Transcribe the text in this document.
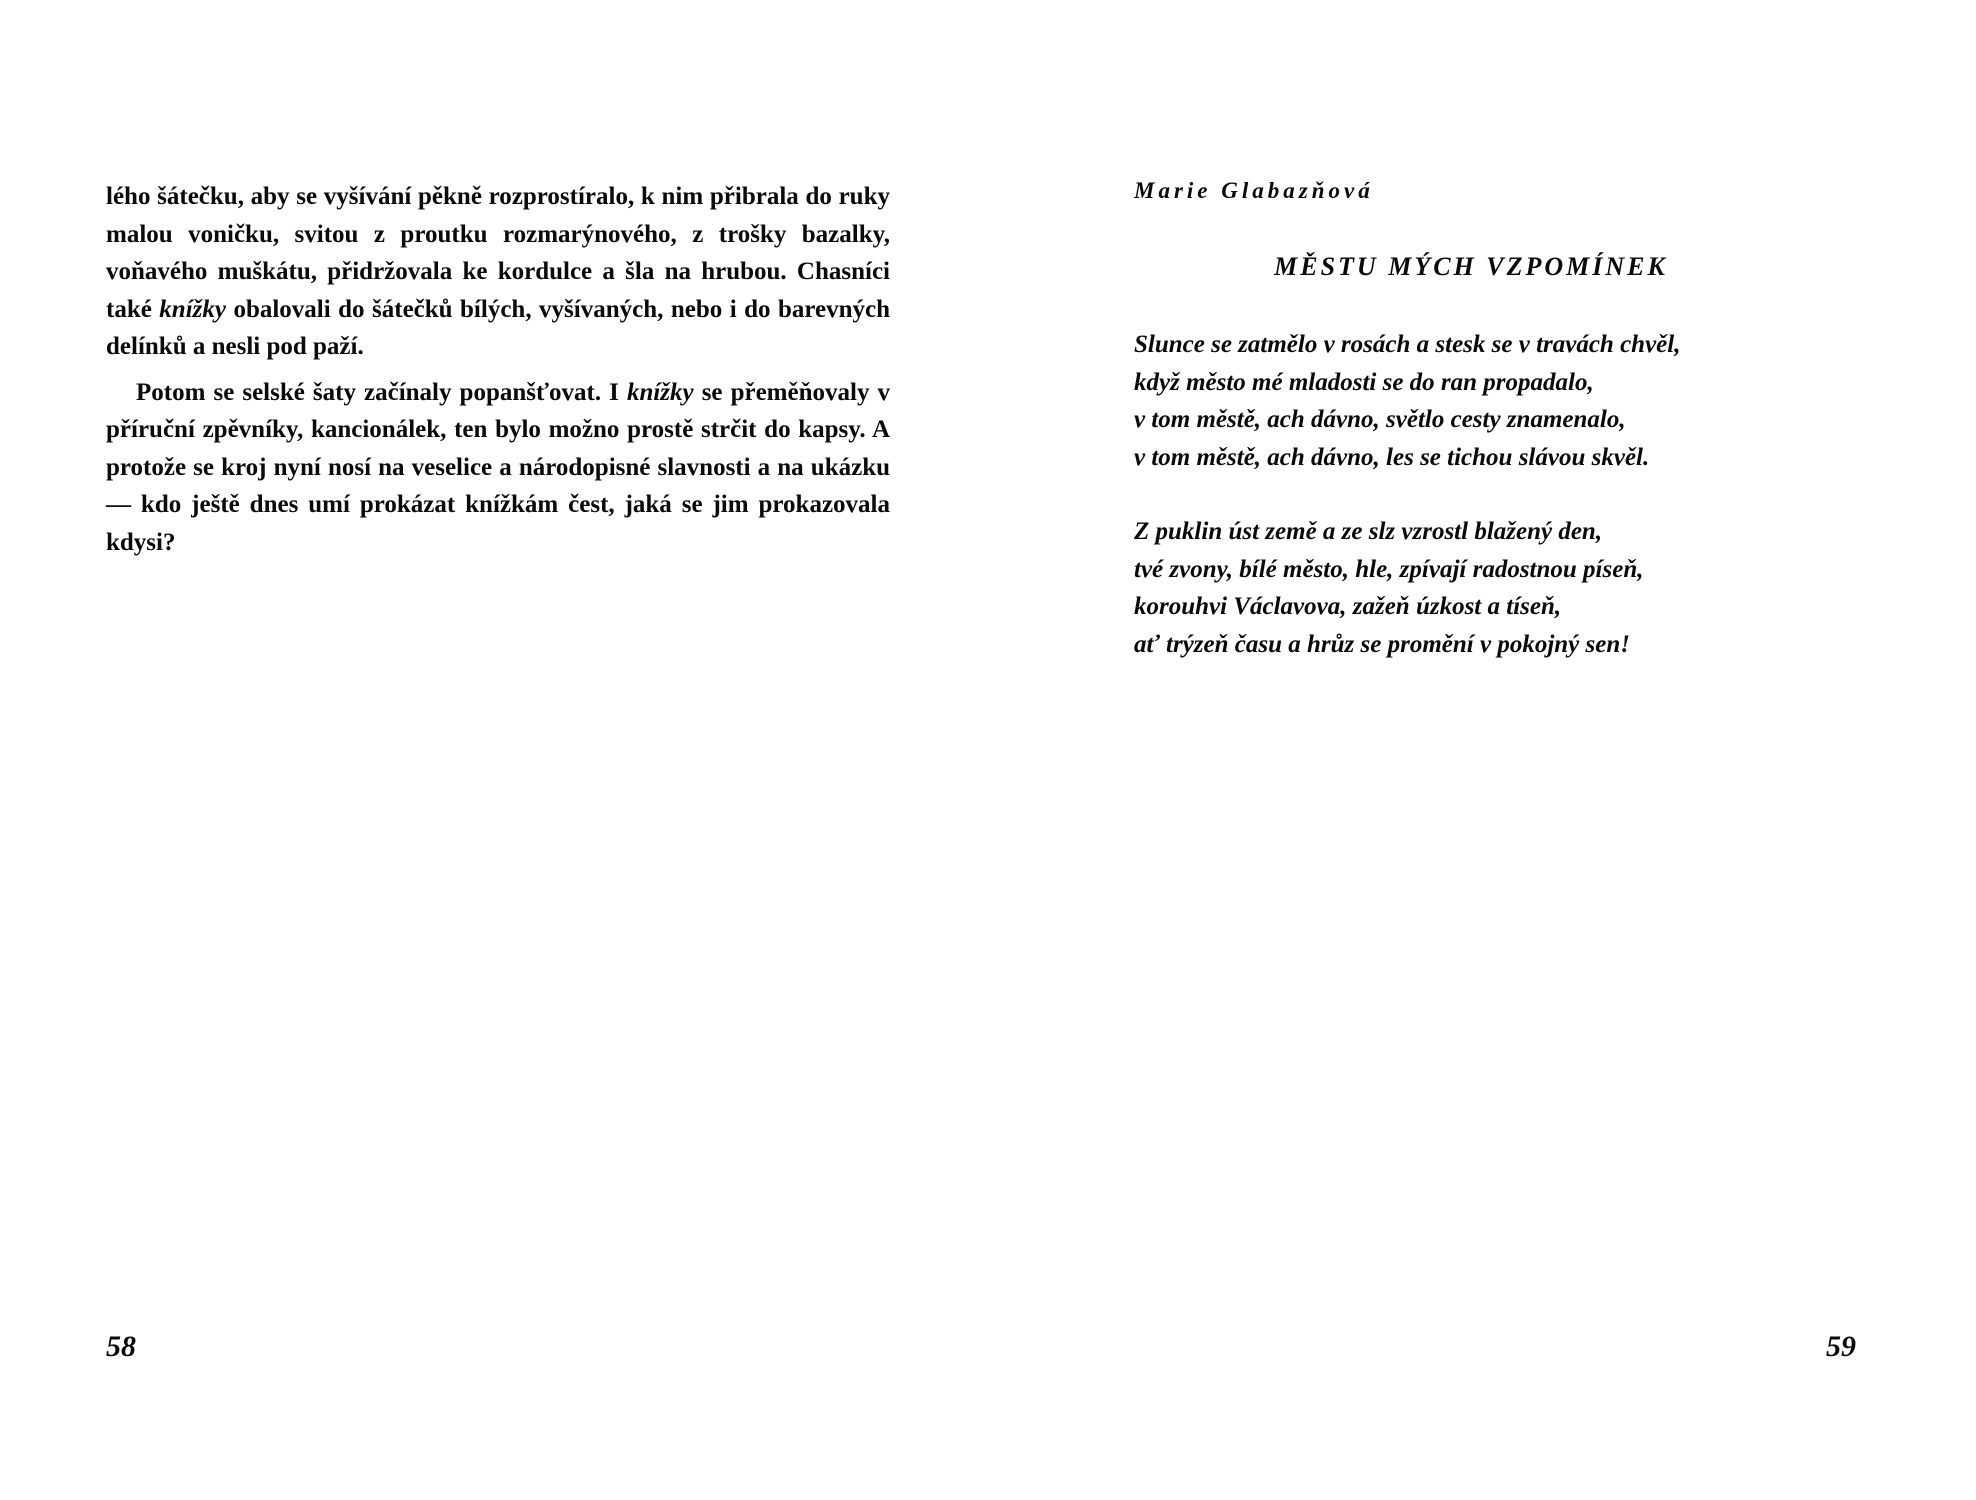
lého šátečku, aby se vyšívání pěkně rozprostíralo, k nim přibrala do ruky malou voničku, svitou z proutku rozmarýnového, z trošky bazalky, voňavého muškátu, přidržovala ke kordulce a šla na hrubou. Chasníci také knížky obalovali do šátečků bílých, vyšívaných, nebo i do barevných delínků a nesli pod paží.

Potom se selské šaty začínaly popanšťovat. I knížky se přeměňovaly v příruční zpěvníky, kancionálek, ten bylo možno prostě strčit do kapsy. A protože se kroj nyní nosí na veselice a národopisné slavnosti a na ukázku — kdo ještě dnes umí prokázat knížkám čest, jaká se jim prokazovala kdysi?

58
Marie Glabazňová
MĚSTU MÝCH VZPOMÍNEK
Slunce se zatmělo v rosách a stesk se v travách chvěl,
když město mé mladosti se do ran propadalo,
v tom městě, ach dávno, světlo cesty znamenalo,
v tom městě, ach dávno, les se tichou slávou skvěl.
Z puklin úst země a ze slz vzrostl blažený den,
tvé zvony, bílé město, hle, zpívají radostnou píseň,
korouhvi Václavova, zažeň úzkost a tíseň,
ať trýzeň času a hrůz se promění v pokojný sen!
59
